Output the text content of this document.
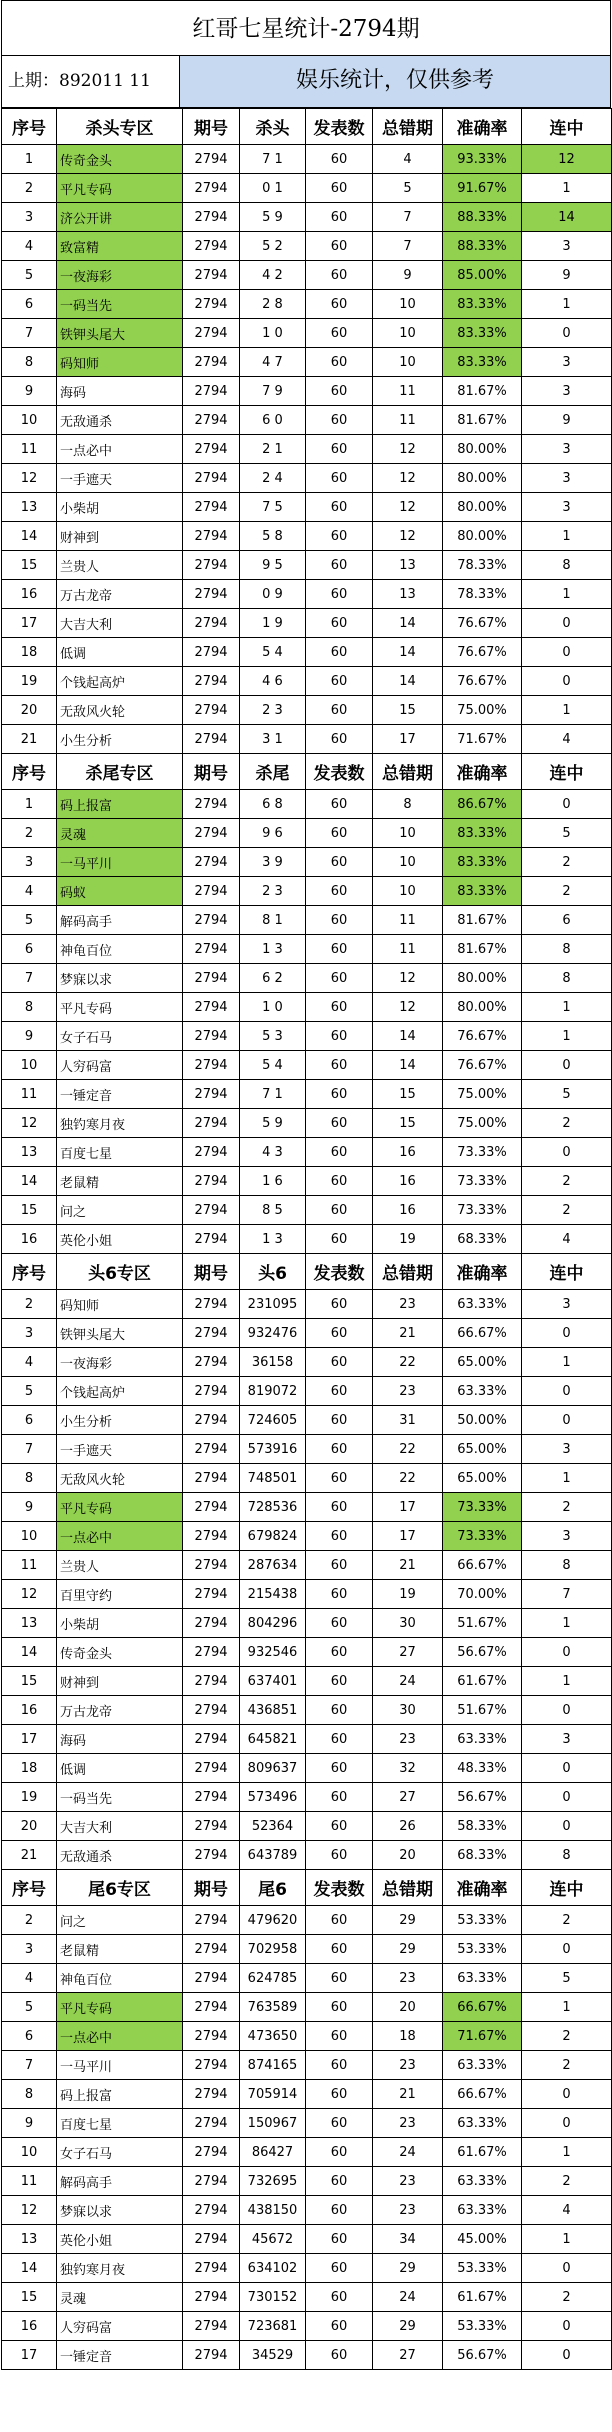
红哥七星统计-2794期
上期：892011 11	娱乐统计，仅供参考
序号	杀头专区	期号	杀头	发表数	总错期	准确率	连中
1	传奇金头	2794	7 1	60	4	93.33%	12
2	平凡专码	2794	0 1	60	5	91.67%	1
3	济公开讲	2794	5 9	60	7	88.33%	14
4	致富精	2794	5 2	60	7	88.33%	3
5	一夜海彩	2794	4 2	60	9	85.00%	9
6	一码当先	2794	2 8	60	10	83.33%	1
7	铁钾头尾大	2794	1 0	60	10	83.33%	0
8	码知师	2794	4 7	60	10	83.33%	3
9	海码	2794	7 9	60	11	81.67%	3
10	无敌通杀	2794	6 0	60	11	81.67%	9
11	一点必中	2794	2 1	60	12	80.00%	3
12	一手遮天	2794	2 4	60	12	80.00%	3
13	小柴胡	2794	7 5	60	12	80.00%	3
14	财神到	2794	5 8	60	12	80.00%	1
15	兰贵人	2794	9 5	60	13	78.33%	8
16	万古龙帝	2794	0 9	60	13	78.33%	1
17	大吉大利	2794	1 9	60	14	76.67%	0
18	低调	2794	5 4	60	14	76.67%	0
19	个钱起高炉	2794	4 6	60	14	76.67%	0
20	无敌风火轮	2794	2 3	60	15	75.00%	1
21	小生分析	2794	3 1	60	17	71.67%	4
序号	杀尾专区	期号	杀尾	发表数	总错期	准确率	连中
1	码上报富	2794	6 8	60	8	86.67%	0
2	灵魂	2794	9 6	60	10	83.33%	5
3	一马平川	2794	3 9	60	10	83.33%	2
4	码蚁	2794	2 3	60	10	83.33%	2
5	解码高手	2794	8 1	60	11	81.67%	6
6	神龟百位	2794	1 3	60	11	81.67%	8
7	梦寐以求	2794	6 2	60	12	80.00%	8
8	平凡专码	2794	1 0	60	12	80.00%	1
9	女子石马	2794	5 3	60	14	76.67%	1
10	人穷码富	2794	5 4	60	14	76.67%	0
11	一锤定音	2794	7 1	60	15	75.00%	5
12	独钓寒月夜	2794	5 9	60	15	75.00%	2
13	百度七星	2794	4 3	60	16	73.33%	0
14	老鼠精	2794	1 6	60	16	73.33%	2
15	问之	2794	8 5	60	16	73.33%	2
16	英伦小姐	2794	1 3	60	19	68.33%	4
序号	头6专区	期号	头6	发表数	总错期	准确率	连中
2	码知师	2794	231095	60	23	63.33%	3
3	铁钾头尾大	2794	932476	60	21	66.67%	0
4	一夜海彩	2794	36158	60	22	65.00%	1
5	个钱起高炉	2794	819072	60	23	63.33%	0
6	小生分析	2794	724605	60	31	50.00%	0
7	一手遮天	2794	573916	60	22	65.00%	3
8	无敌风火轮	2794	748501	60	22	65.00%	1
9	平凡专码	2794	728536	60	17	73.33%	2
10	一点必中	2794	679824	60	17	73.33%	3
11	兰贵人	2794	287634	60	21	66.67%	8
12	百里守约	2794	215438	60	19	70.00%	7
13	小柴胡	2794	804296	60	30	51.67%	1
14	传奇金头	2794	932546	60	27	56.67%	0
15	财神到	2794	637401	60	24	61.67%	1
16	万古龙帝	2794	436851	60	30	51.67%	0
17	海码	2794	645821	60	23	63.33%	3
18	低调	2794	809637	60	32	48.33%	0
19	一码当先	2794	573496	60	27	56.67%	0
20	大吉大利	2794	52364	60	26	58.33%	0
21	无敌通杀	2794	643789	60	20	68.33%	8
序号	尾6专区	期号	尾6	发表数	总错期	准确率	连中
2	问之	2794	479620	60	29	53.33%	2
3	老鼠精	2794	702958	60	29	53.33%	0
4	神龟百位	2794	624785	60	23	63.33%	5
5	平凡专码	2794	763589	60	20	66.67%	1
6	一点必中	2794	473650	60	18	71.67%	2
7	一马平川	2794	874165	60	23	63.33%	2
8	码上报富	2794	705914	60	21	66.67%	0
9	百度七星	2794	150967	60	23	63.33%	0
10	女子石马	2794	86427	60	24	61.67%	1
11	解码高手	2794	732695	60	23	63.33%	2
12	梦寐以求	2794	438150	60	23	63.33%	4
13	英伦小姐	2794	45672	60	34	45.00%	1
14	独钓寒月夜	2794	634102	60	29	53.33%	0
15	灵魂	2794	730152	60	24	61.67%	2
16	人穷码富	2794	723681	60	29	53.33%	0
17	一锤定音	2794	34529	60	27	56.67%	0
